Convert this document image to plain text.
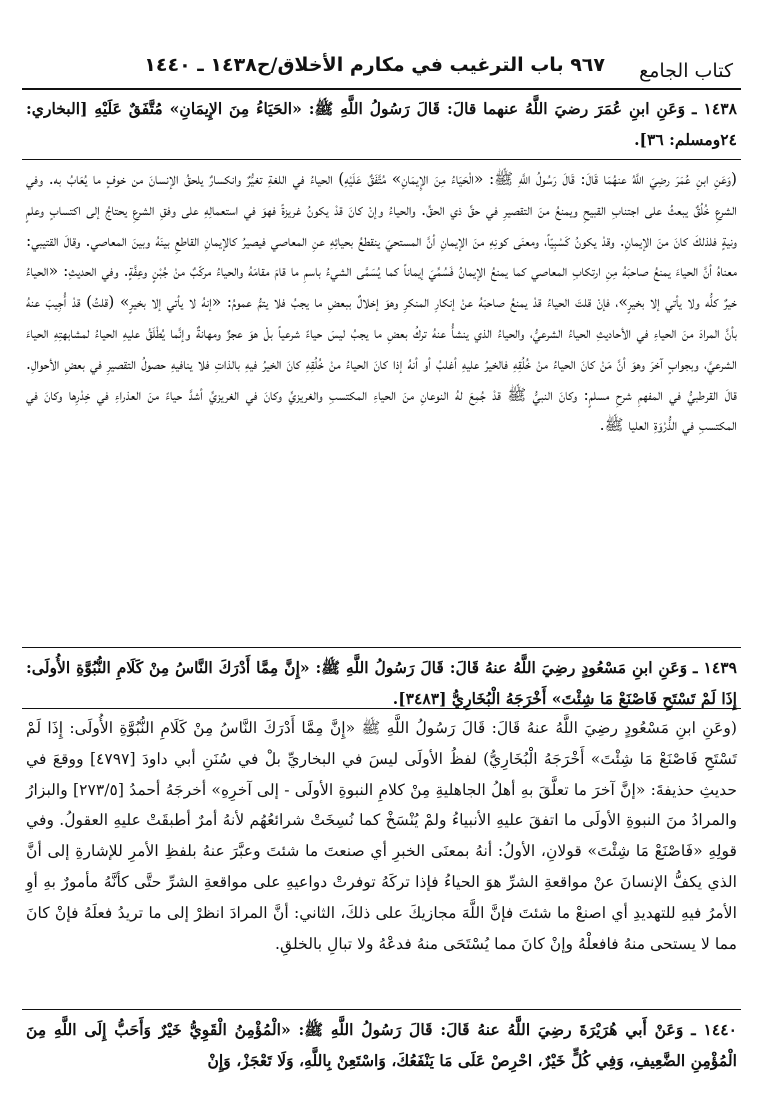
كتاب الجامع
٩٦٧ باب الترغيب في مكارم الأخلاق/ح١٤٣٨ ـ ١٤٤٠
١٤٣٨ ـ وَعَنِ ابنِ عُمَرَ رضيَ اللَّهُ عنهما قالَ: قَالَ رَسُولُ اللَّهِ ﷺ: «الحَيَاءُ مِنَ الإِيمَانِ» مُتَّفَقٌ عَلَيْهِ [البخاري: ٢٤ومسلم: ٣٦].
(وَعَنِ ابنِ عُمَرَ رضِيَ اللَّهُ عنهُمَا قَالَ: قَالَ رَسُولُ اللَّهِ ﷺ: «الْحَيَاءُ مِنَ الإِيمَانِ» مُتَّفَقٌ عَلَيْهِ) الحياءُ في اللغةِ تغيُّرٌ وانكسارٌ يلحقُ الإنسانَ من خوفٍ ما يُعَابُ به. وفي الشرعِ خُلُقٌ يبعثُ على اجتنابِ القبيحِ ويمنعُ منَ التقصيرِ في حقِّ ذي الحقِّ. والحياءُ وإنْ كانَ قدْ يكونُ غريزةً فهوَ في استعمالِهِ على وفقِ الشرعِ يحتاجُ إلى اكتسابٍ وعلمٍ ونيةٍ فلذلكَ كانَ منَ الإيمانِ. وقدْ يكونُ كَسْبِيّاً، ومعنَى كونِهِ منَ الإيمانِ أنَّ المستحيَ ينقطعُ بحيائِهِ عنِ المعاصي فيصيرُ كالإيمانِ القاطعِ بينَهُ وبينَ المعاصي. وقالَ القتيبي: معناهُ أنَّ الحياءَ يمنعُ صاحبَهُ مِنِ ارتكابِ المعاصي كما يمنعُ الإيمانُ فَسُمِّيَ إيماناً كما يُسَمَّى الشيءُ باسمِ ما قامَ مقامَهُ والحياءُ مركّبٌ منْ جُبْنٍ وعِفَّةٍ. وفي الحديثِ: «الحياءُ خيرٌ كلُّه ولا يأتي إلا بخيرٍ»، فإنْ قلتَ الحياءُ قدْ يمنعُ صاحبَهُ عنْ إنكارِ المنكرِ وهوَ إخلالٌ ببعضِ ما يجبُ فلا يتمُّ عمومُ: «إنهُ لا يأتي إلا بخيرٍ» (قلتُ) قدْ أُجِيبَ عنهُ بأنَّ المرادَ منَ الحياءِ في الأحاديثِ الحياءُ الشرعيُّ، والحياءُ الذي ينشأُ عنهُ تركُ بعضِ ما يجبُ ليسَ حياءً شرعياً بلْ هوَ عجزٌ ومهانةٌ وإنَّما يُطْلَقُ عليهِ الحياءُ لمشابهتِهِ الحياءَ الشرعيَّ، وبجوابٍ آخرَ وهوَ أنَّ مَنْ كانَ الحياءُ منْ خُلُقِهِ فالخيرُ عليهِ أغلبُ أو أنهُ إذا كانَ الحياءُ منْ خُلُقِهِ كانَ الخيرُ فيهِ بالذاتِ فلا ينافيهِ حصولُ التقصيرِ في بعضِ الأحوالِ. قالَ القرطبيُّ في المفهمِ شرحِ مسلمٍ: وكانَ النبيُّ ﷺ قدْ جُمِعَ لهُ النوعانِ منَ الحياءِ المكتسبِ والغريزيِّ وكانَ في الغريزيِّ أشدَّ حياءً منَ العذراءِ في خِدْرِها وكانَ في المكتسبِ في الذُّرْوَةِ العليا ﷺ.
١٤٣٩ ـ وَعَنِ ابنِ مَسْعُودٍ رضِيَ اللَّهُ عنهُ قَالَ: قَالَ رَسُولُ اللَّهِ ﷺ: «إِنَّ مِمَّا أَدْرَكَ النَّاسُ مِنْ كَلَامِ النُّبُوَّةِ الأُولَى: إِذَا لَمْ تَسْتَحِ فَاصْنَعْ مَا شِئْتَ» أَخْرَجَهُ الْبُخَارِيُّ [٣٤٨٣].
(وعَنِ ابنِ مَسْعُودٍ رضِيَ اللَّهُ عنهُ قَالَ: قَالَ رَسُولُ اللَّهِ ﷺ «إِنَّ مِمَّا أَدْرَكَ النَّاسُ مِنْ كَلَامِ النُّبُوَّةِ الأُولَى: إِذَا لَمْ تَسْتَحِ فَاصْنَعْ مَا شِئْتَ» أَخْرَجَهُ الْبُخَارِيُّ) لفظُ الأولَى ليسَ في البخاريِّ بلْ في سُنَنِ أبي داودَ [٤٧٩٧] ووقعَ في حديثِ حذيفةَ: «إنَّ آخرَ ما تعلَّقَ بهِ أهلُ الجاهليةِ مِنْ كلامِ النبوةِ الأولَى - إلى آخرِهِ» أخرجَهُ أحمدُ [٢٧٣/٥] والبزارُ والمرادُ منَ النبوةِ الأولَى ما اتفقَ عليهِ الأنبياءُ ولمْ يُنْسَخْ كما نُسِخَتْ شرائعُهُم لأنهُ أمرٌ أطبقَتْ عليهِ العقولُ. وفي قولِهِ «فَاصْنَعْ مَا شِئْتَ» قولانِ، الأولُ: أنهُ بمعنَى الخبرِ أي صنعتَ ما شئتَ وعبَّرَ عنهُ بلفظِ الأمرِ للإشارةِ إلى أنَّ الذي يكفُّ الإنسانَ عنْ مواقعةِ الشرِّ هوَ الحياءُ فإذا تركَهُ توفرتْ دواعيهِ على مواقعةِ الشرِّ حتَّى كأنَّهُ مأمورٌ بهِ أوِ الأمرُ فيهِ للتهديدِ أي اصنعْ ما شئتَ فإنَّ اللَّهَ مجازيكَ على ذلكَ، الثاني: أنَّ المرادَ انظرْ إلى ما تريدُ فعلَهُ فإنْ كانَ مما لا يستحى منهُ فافعلْهُ وإنْ كانَ مما يُسْتَحَى منهُ فدعْهُ ولا تبالِ بالخلقِ.
١٤٤٠ ـ وَعَنْ أَبي هُرَيْرَةَ رضِيَ اللَّهُ عنهُ قَالَ: قَالَ رَسُولُ اللَّهِ ﷺ: «الْمُؤْمِنُ الْقَوِيُّ خَيْرٌ وَأَحَبُّ إِلَى اللَّهِ مِنَ الْمُؤْمِنِ الضَّعِيفِ، وَفِي كُلٍّ خَيْرٌ، احْرِصْ عَلَى مَا يَنْفَعُكَ، وَاسْتَعِنْ بِاللَّهِ، وَلَا تَعْجَزْ، وَإِنْ
